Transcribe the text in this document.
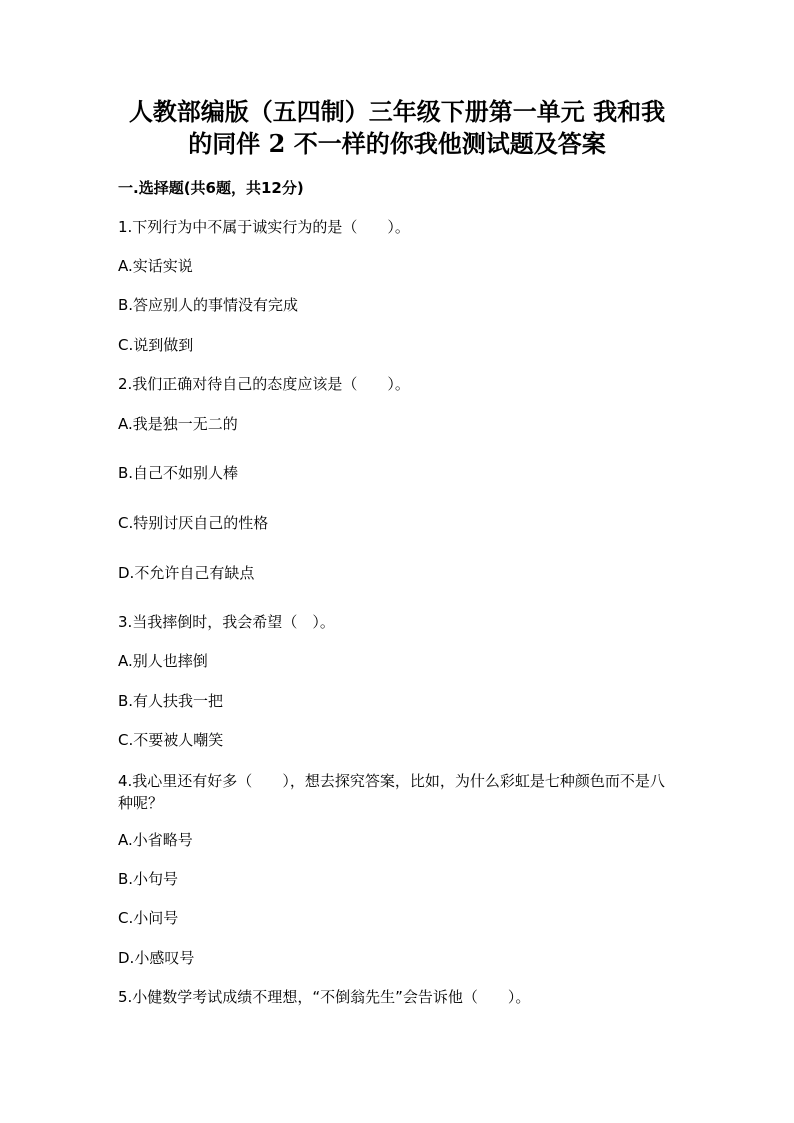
人教部编版（五四制）三年级下册第一单元 我和我
的同伴 2 不一样的你我他测试题及答案
一.选择题(共6题，共12分)

1.下列行为中不属于诚实行为的是（　　）。

A.实话实说

B.答应别人的事情没有完成

C.说到做到

2.我们正确对待自己的态度应该是（　　）。

A.我是独一无二的

B.自己不如别人棒

C.特别讨厌自己的性格

D.不允许自己有缺点

3.当我摔倒时，我会希望（　）。

A.别人也摔倒

B.有人扶我一把

C.不要被人嘲笑

4.我心里还有好多（　　），想去探究答案，比如，为什么彩虹是七种颜色而不是八种呢？

A.小省略号

B.小句号

C.小问号

D.小感叹号

5.小健数学考试成绩不理想，“不倒翁先生”会告诉他（　　）。
